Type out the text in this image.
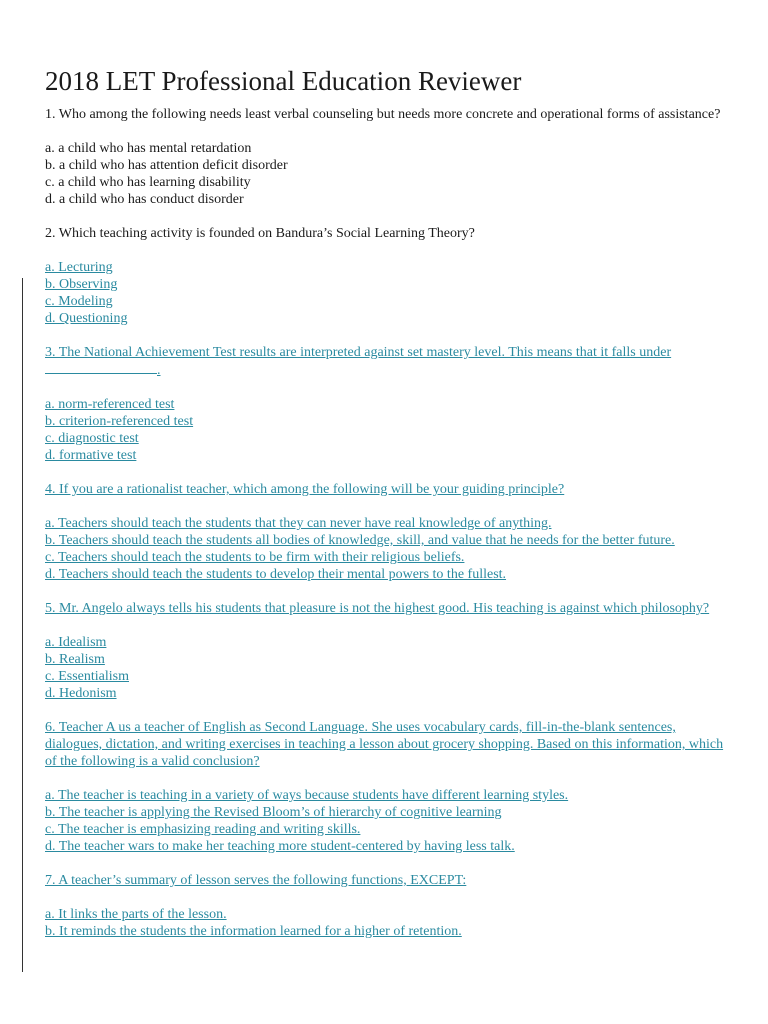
2018 LET Professional Education Reviewer

1. Who among the following needs least verbal counseling but needs more concrete and operational forms of assistance?

a. a child who has mental retardation
b. a child who has attention deficit disorder
c. a child who has learning disability
d. a child who has conduct disorder

2. Which teaching activity is founded on Bandura’s Social Learning Theory?

a. Lecturing
b. Observing
c. Modeling
d. Questioning

3. The National Achievement Test results are interpreted against set mastery level. This means that it falls under
.

a. norm-referenced test
b. criterion-referenced test
c. diagnostic test
d. formative test

4. If you are a rationalist teacher, which among the following will be your guiding principle?

a. Teachers should teach the students that they can never have real knowledge of anything.
b. Teachers should teach the students all bodies of knowledge, skill, and value that he needs for the better future.
c. Teachers should teach the students to be firm with their religious beliefs.
d. Teachers should teach the students to develop their mental powers to the fullest.

5. Mr. Angelo always tells his students that pleasure is not the highest good. His teaching is against which philosophy?

a. Idealism
b. Realism
c. Essentialism
d. Hedonism

6. Teacher A us a teacher of English as Second Language. She uses vocabulary cards, fill-in-the-blank sentences, dialogues, dictation, and writing exercises in teaching a lesson about grocery shopping. Based on this information, which of the following is a valid conclusion?

a. The teacher is teaching in a variety of ways because students have different learning styles.
b. The teacher is applying the Revised Bloom’s of hierarchy of cognitive learning
c. The teacher is emphasizing reading and writing skills.
d. The teacher wars to make her teaching more student-centered by having less talk.

7. A teacher’s summary of lesson serves the following functions, EXCEPT:

a. It links the parts of the lesson.
b. It reminds the students the information learned for a higher of retention.
